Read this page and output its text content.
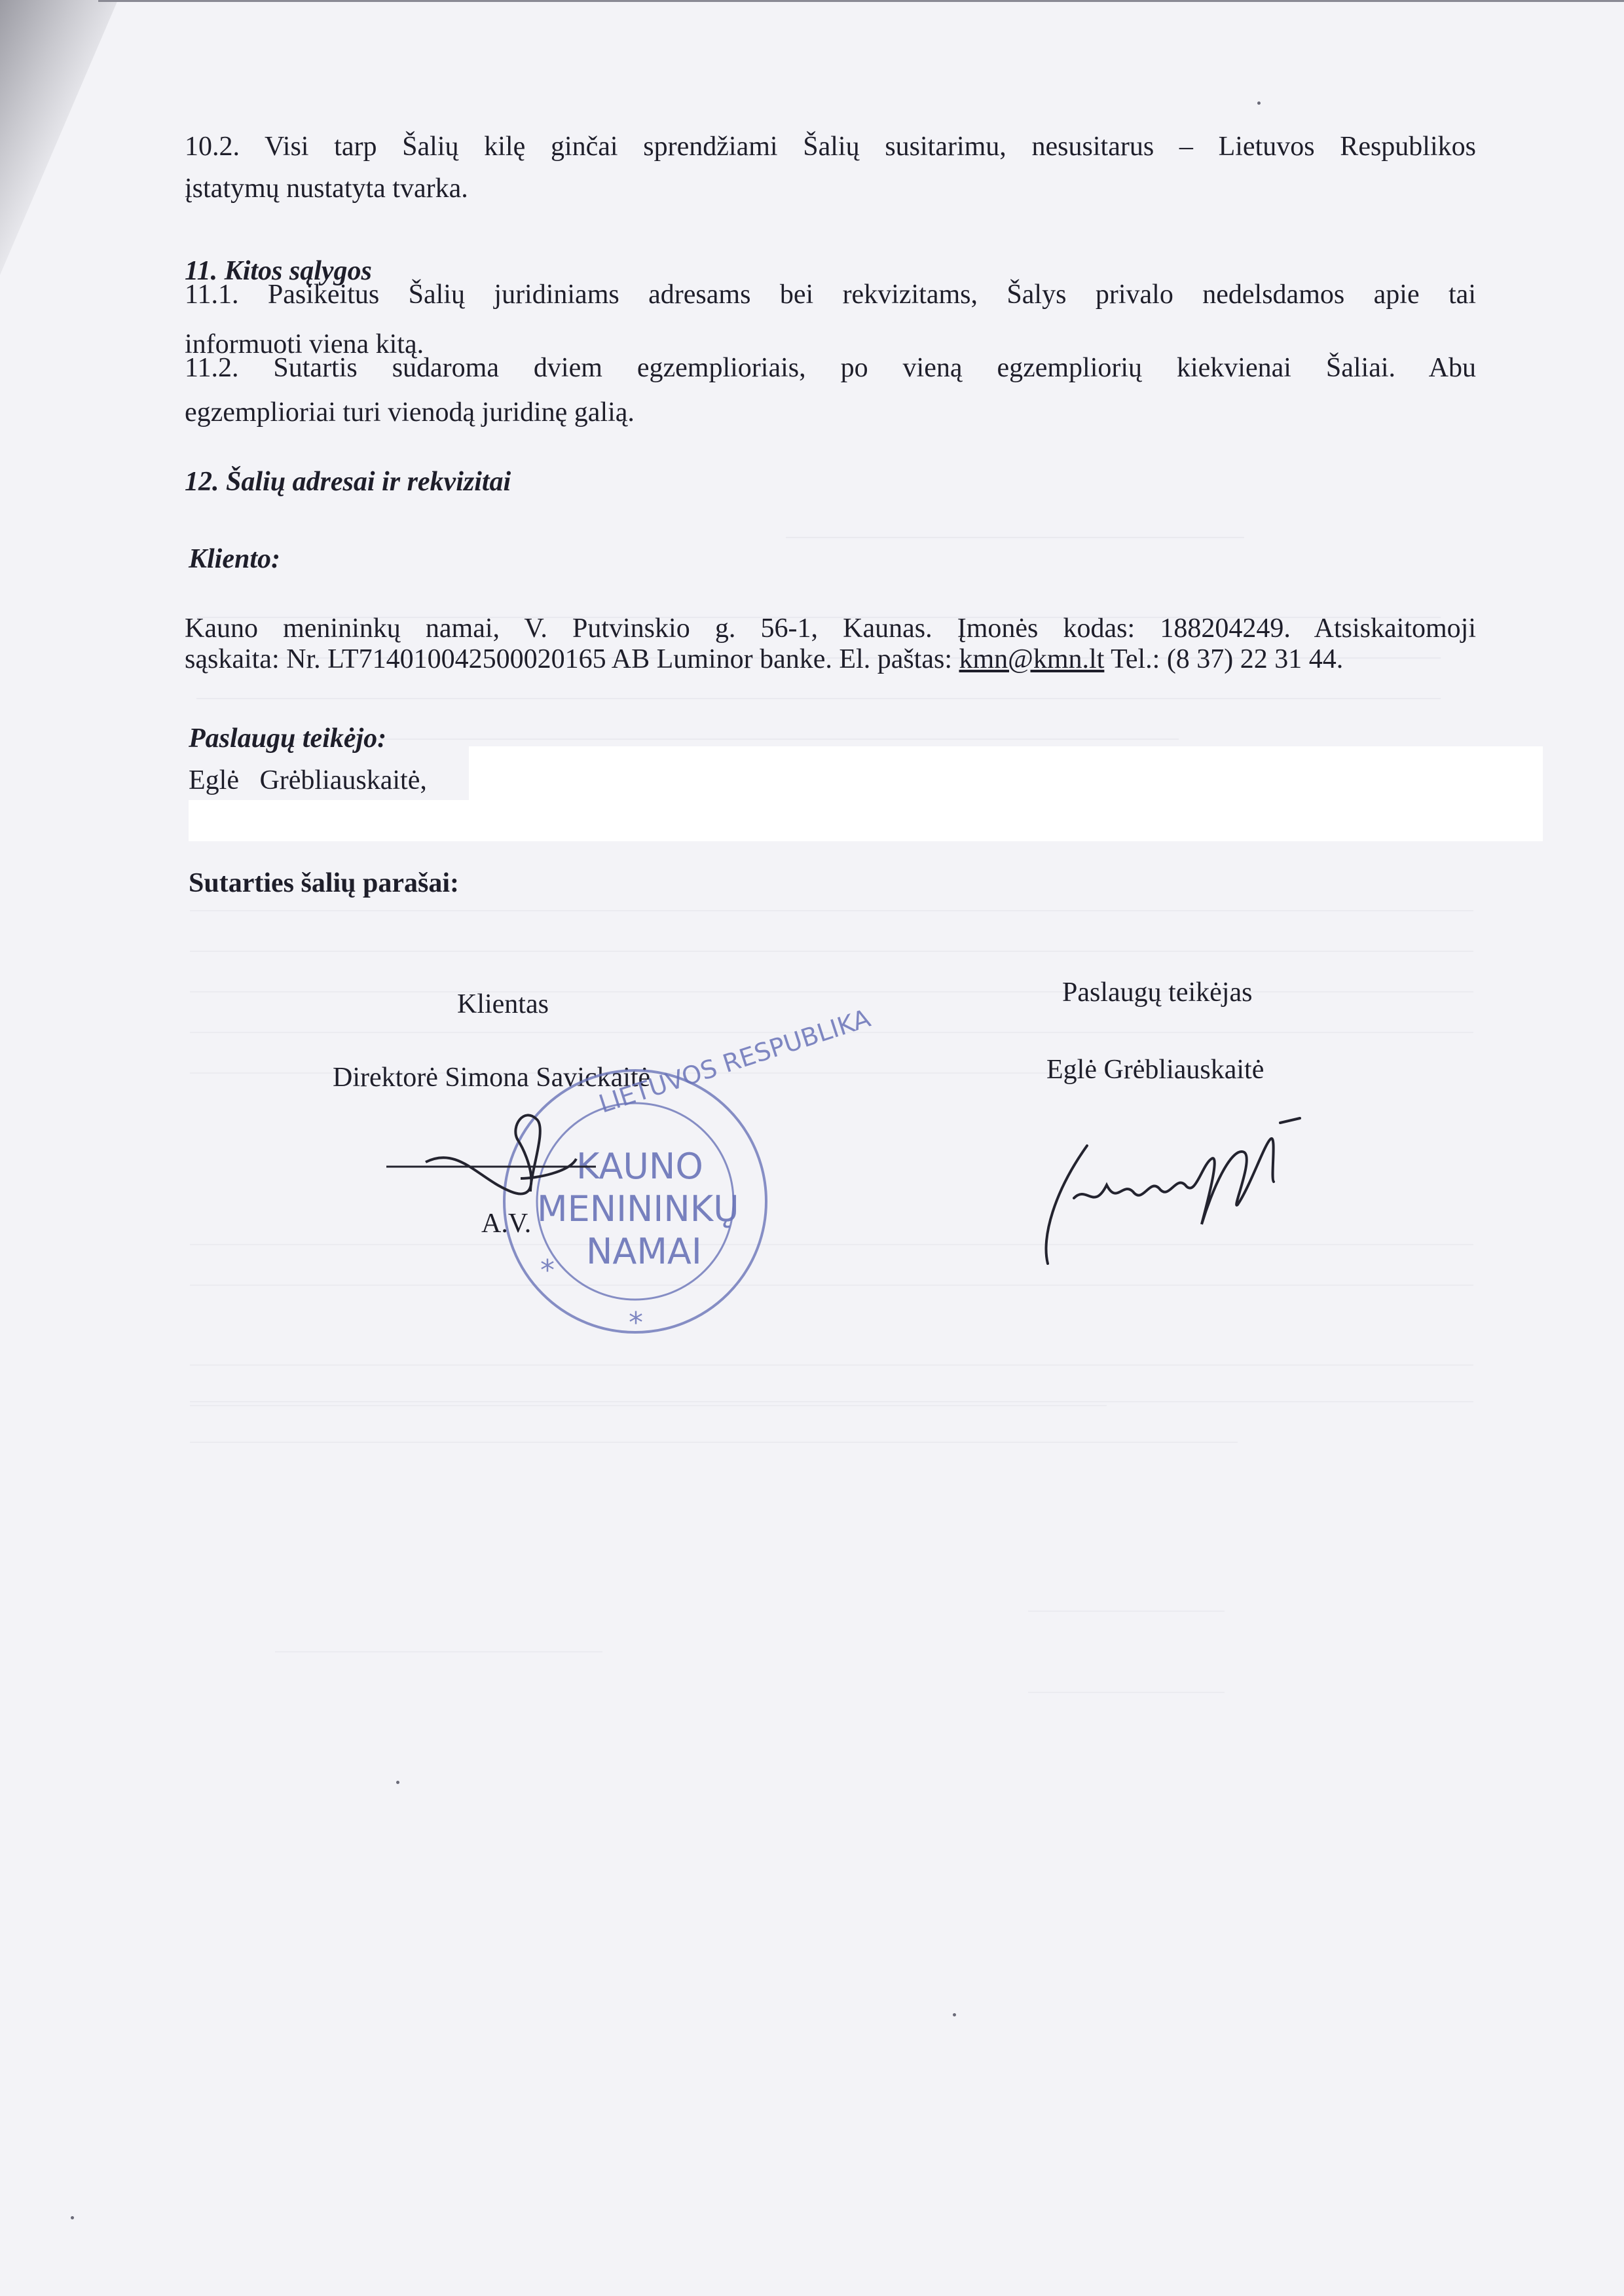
10.2. Visi tarp Šalių kilę ginčai sprendžiami Šalių susitarimu, nesusitarus – Lietuvos Respublikos
įstatymų nustatyta tvarka.
11. Kitos sąlygos
11.1. Pasikeitus Šalių juridiniams adresams bei rekvizitams, Šalys privalo nedelsdamos apie tai
informuoti viena kitą.
11.2. Sutartis sudaroma dviem egzemplioriais, po vieną egzempliorių kiekvienai Šaliai. Abu
egzemplioriai turi vienodą juridinę galią.
12. Šalių adresai ir rekvizitai
Kliento:
Kauno menininkų namai, V. Putvinskio g. 56-1, Kaunas. Įmonės kodas: 188204249. Atsiskaitomoji
sąskaita: Nr. LT714010042500020165 AB Luminor banke. El. paštas: kmn@kmn.lt Tel.: (8 37) 22 31 44.
Paslaugų teikėjo:
Eglė   Grėbliauskaitė,
Sutarties šalių parašai:
Klientas	Paslaugų teikėjas
Direktorė Simona Savickaitė	Eglė Grėbliauskaitė
A.V.
LIETUVOS RESPUBLIKA
KAUNO
MENININKŲ
NAMAI
*
*
